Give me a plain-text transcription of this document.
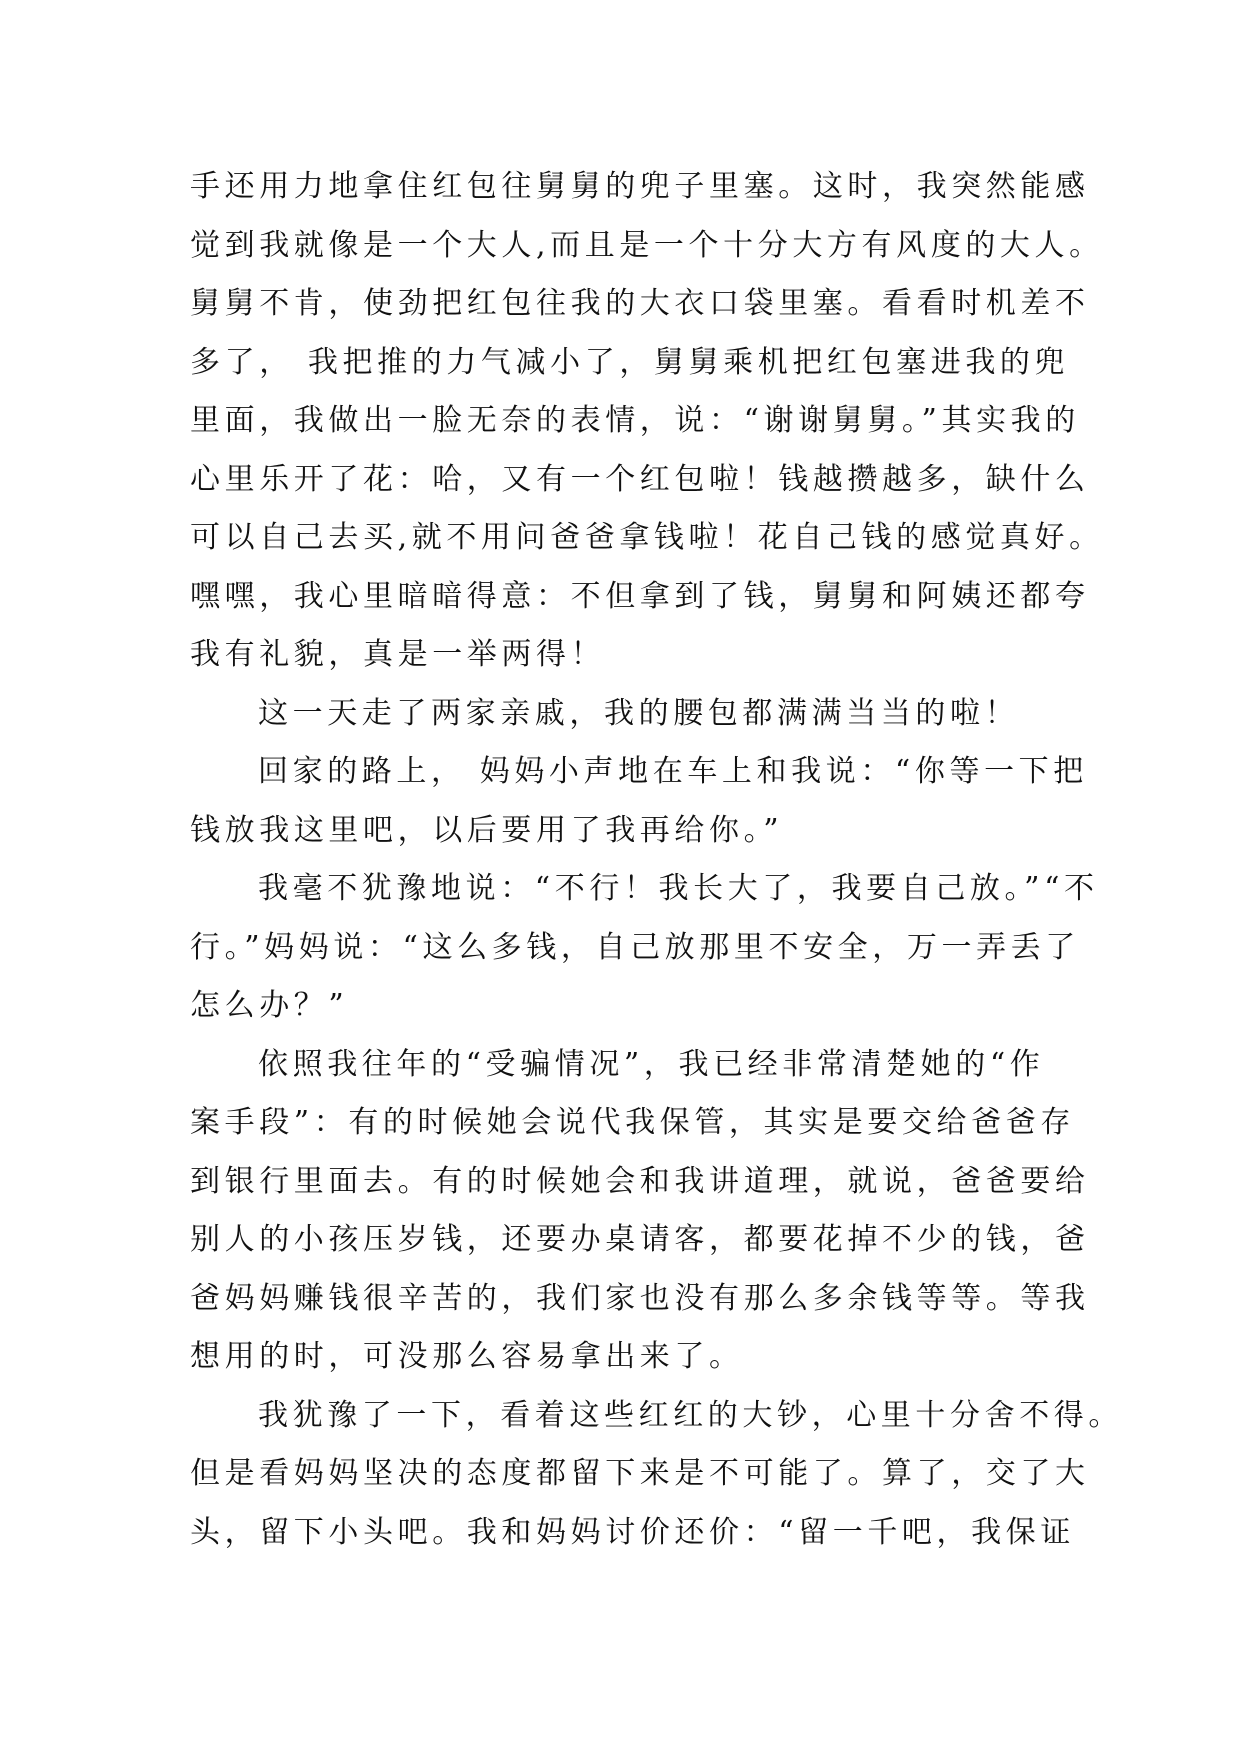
手还用力地拿住红包往舅舅的兜子里塞。这时，我突然能感
觉到我就像是一个大人,而且是一个十分大方有风度的大人。
舅舅不肯，使劲把红包往我的大衣口袋里塞。看看时机差不
多了， 我把推的力气减小了，舅舅乘机把红包塞进我的兜
里面，我做出一脸无奈的表情，说：“谢谢舅舅。”其实我的
心里乐开了花：哈，又有一个红包啦！钱越攒越多，缺什么
可以自己去买,就不用问爸爸拿钱啦！花自己钱的感觉真好。
嘿嘿，我心里暗暗得意：不但拿到了钱，舅舅和阿姨还都夸
我有礼貌，真是一举两得！
这一天走了两家亲戚，我的腰包都满满当当的啦！
回家的路上， 妈妈小声地在车上和我说：“你等一下把
钱放我这里吧，以后要用了我再给你。”
我毫不犹豫地说：“不行！我长大了，我要自己放。”“不
行。”妈妈说：“这么多钱，自己放那里不安全，万一弄丢了
怎么办？”
依照我往年的“受骗情况”，我已经非常清楚她的“作
案手段”：有的时候她会说代我保管，其实是要交给爸爸存
到银行里面去。有的时候她会和我讲道理，就说，爸爸要给
别人的小孩压岁钱，还要办桌请客，都要花掉不少的钱，爸
爸妈妈赚钱很辛苦的，我们家也没有那么多余钱等等。等我
想用的时，可没那么容易拿出来了。
我犹豫了一下，看着这些红红的大钞，心里十分舍不得。
但是看妈妈坚决的态度都留下来是不可能了。算了，交了大
头，留下小头吧。我和妈妈讨价还价：“留一千吧，我保证
